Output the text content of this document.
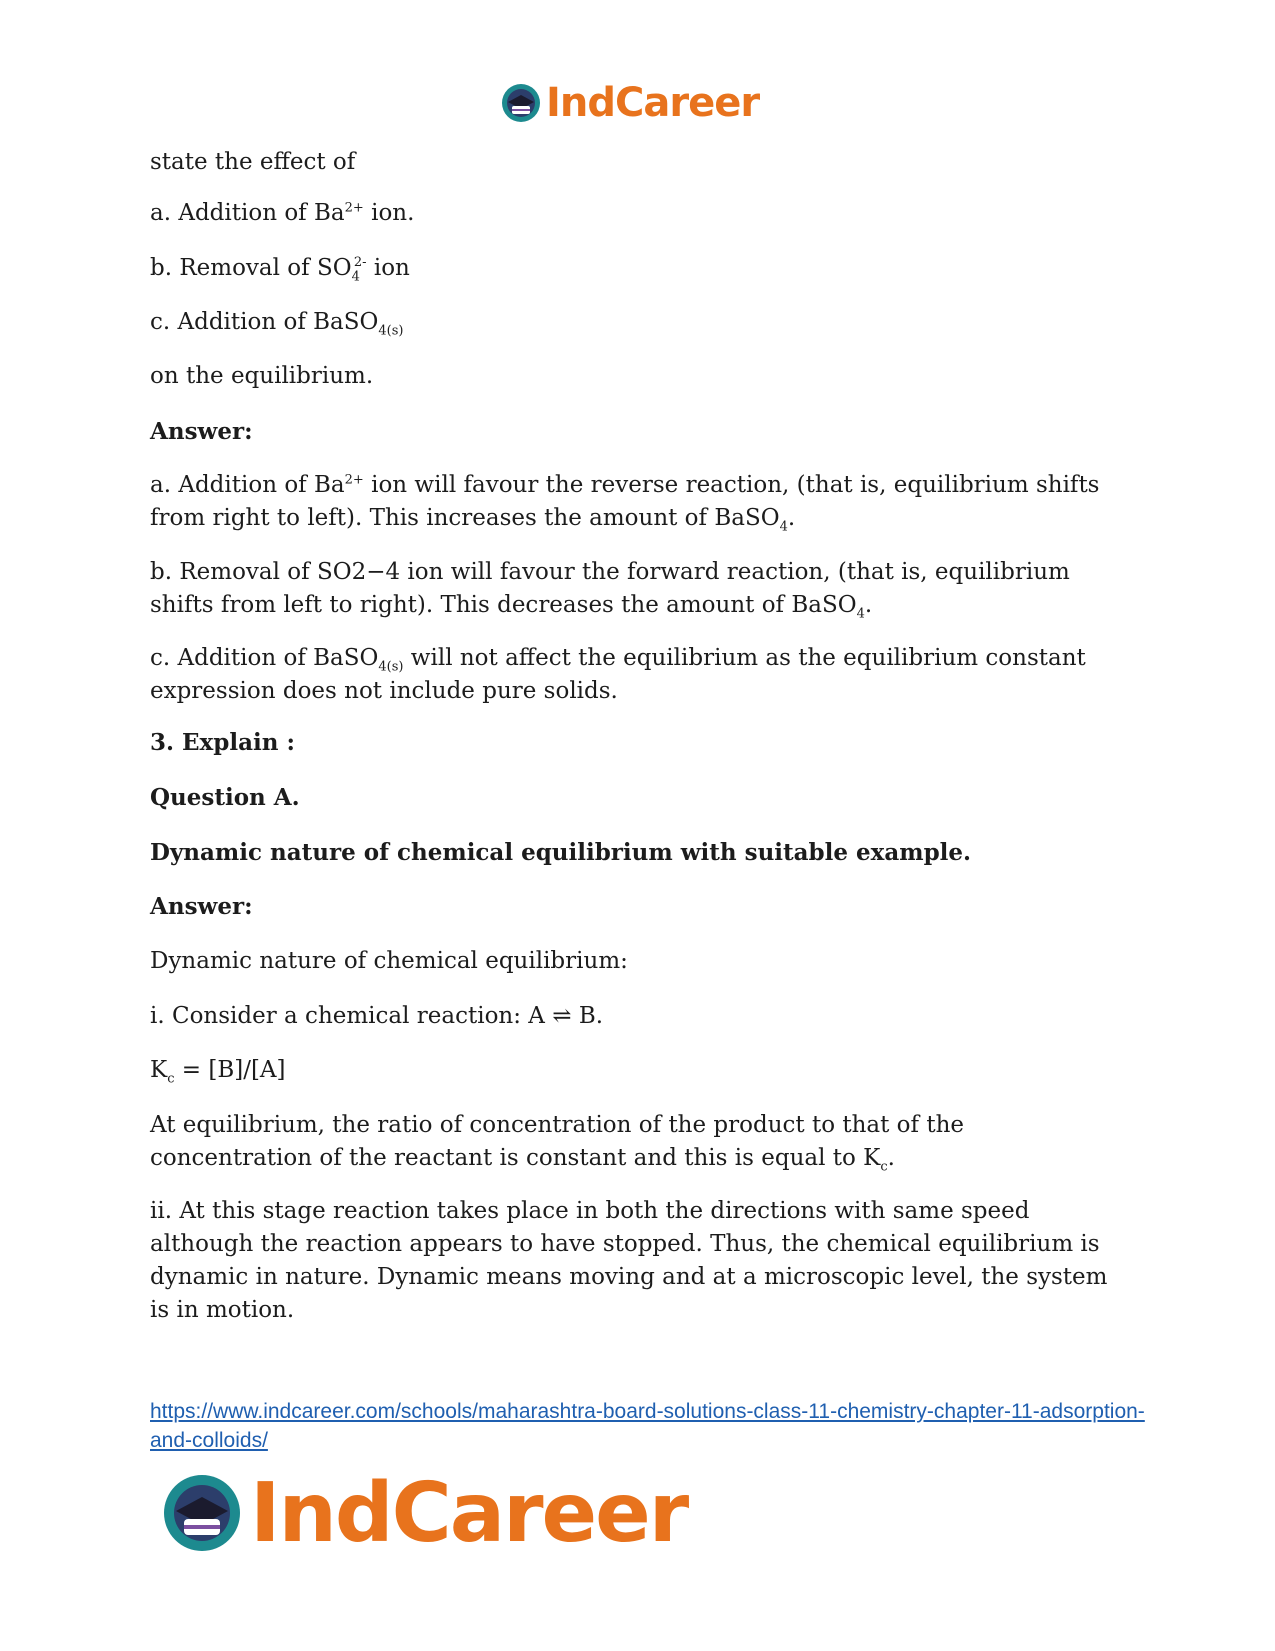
IndCareer

state the effect of

a. Addition of $Ba^{2+}$ ion.

b. Removal of $SO_4^{2-}$ ion

c. Addition of BaSO$_{4(s)}$

on the equilibrium.

Answer:

a. Addition of $Ba^{2+}$ ion will favour the reverse reaction, (that is, equilibrium shifts from right to left). This increases the amount of BaSO$_4$.

b. Removal of SO2−4 ion will favour the forward reaction, (that is, equilibrium shifts from left to right). This decreases the amount of BaSO$_4$.

c. Addition of BaSO$_{4(s)}$ will not affect the equilibrium as the equilibrium constant expression does not include pure solids.

3. Explain :

Question A.

Dynamic nature of chemical equilibrium with suitable example.

Answer:

Dynamic nature of chemical equilibrium:

i. Consider a chemical reaction: A ⇌ B.

$K_c = [B]/[A]$

At equilibrium, the ratio of concentration of the product to that of the concentration of the reactant is constant and this is equal to $K_c$.

ii. At this stage reaction takes place in both the directions with same speed although the reaction appears to have stopped. Thus, the chemical equilibrium is dynamic in nature. Dynamic means moving and at a microscopic level, the system is in motion.

https://www.indcareer.com/schools/maharashtra-board-solutions-class-11-chemistry-chapter-11-adsorption-and-colloids/
IndCareer
